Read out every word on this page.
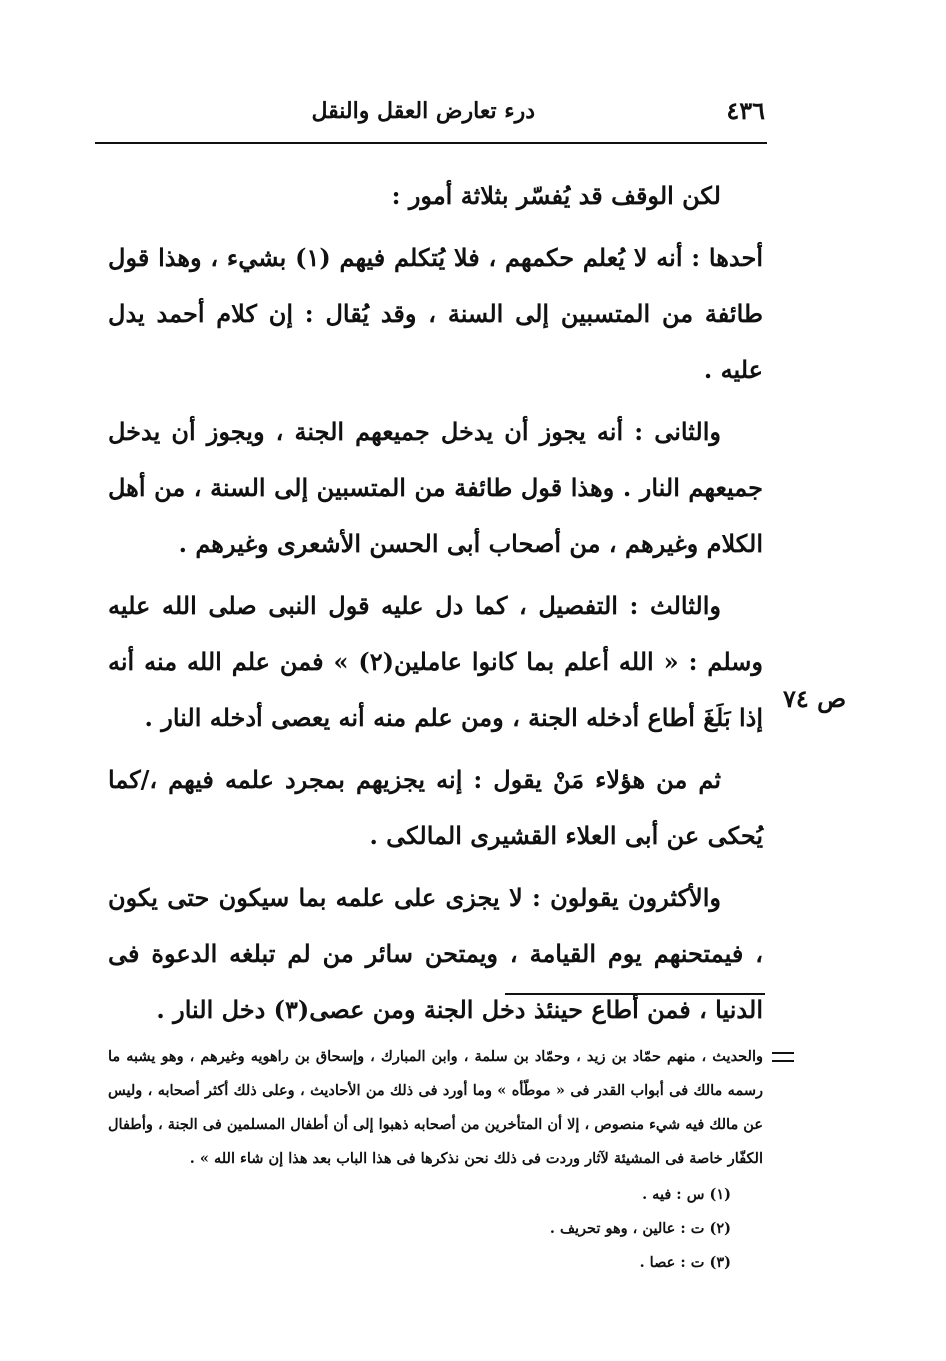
٤٣٦
درء تعارض العقل والنقل

لكن الوقف قد يُفسّر بثلاثة أمور :

أحدها : أنه لا يُعلم حكمهم ، فلا يُتكلم فيهم (١) بشيء ، وهذا قول طائفة من المتسبين إلى السنة ، وقد يُقال : إن كلام أحمد يدل عليه .

والثانى : أنه يجوز أن يدخل جميعهم الجنة ، ويجوز أن يدخل جميعهم النار . وهذا قول طائفة من المتسبين إلى السنة ، من أهل الكلام وغيرهم ، من أصحاب أبى الحسن الأشعرى وغيرهم .

والثالث : التفصيل ، كما دل عليه قول النبى صلى الله عليه وسلم : « الله أعلم بما كانوا عاملين(٢) » فمن علم الله منه أنه إذا بَلَغَ أطاع أدخله الجنة ، ومن علم منه أنه يعصى أدخله النار .

ثم من هؤلاء مَنْ يقول : إنه يجزيهم بمجرد علمه فيهم ،/كما يُحكى عن أبى العلاء القشيرى المالكى .

والأكثرون يقولون : لا يجزى على علمه بما سيكون حتى يكون ، فيمتحنهم يوم القيامة ، ويمتحن سائر من لم تبلغه الدعوة فى الدنيا ، فمن أطاع حينئذ دخل الجنة ومن عصى(٣) دخل النار .

ص ٧٤

والحديث ، منهم حمّاد بن زيد ، وحمّاد بن سلمة ، وابن المبارك ، وإسحاق بن راهويه وغيرهم ، وهو يشبه ما رسمه مالك فى أبواب القدر فى « موطّأه » وما أورد فى ذلك من الأحاديث ، وعلى ذلك أكثر أصحابه ، وليس عن مالك فيه شيء منصوص ، إلا أن المتأخرين من أصحابه ذهبوا إلى أن أطفال المسلمين فى الجنة ، وأطفال الكفّار خاصة فى المشيئة لآثار وردت فى ذلك نحن نذكرها فى هذا الباب بعد هذا إن شاء الله » .

(١) س : فيه .

(٢) ت : عالين ، وهو تحريف .

(٣) ت : عصا .
